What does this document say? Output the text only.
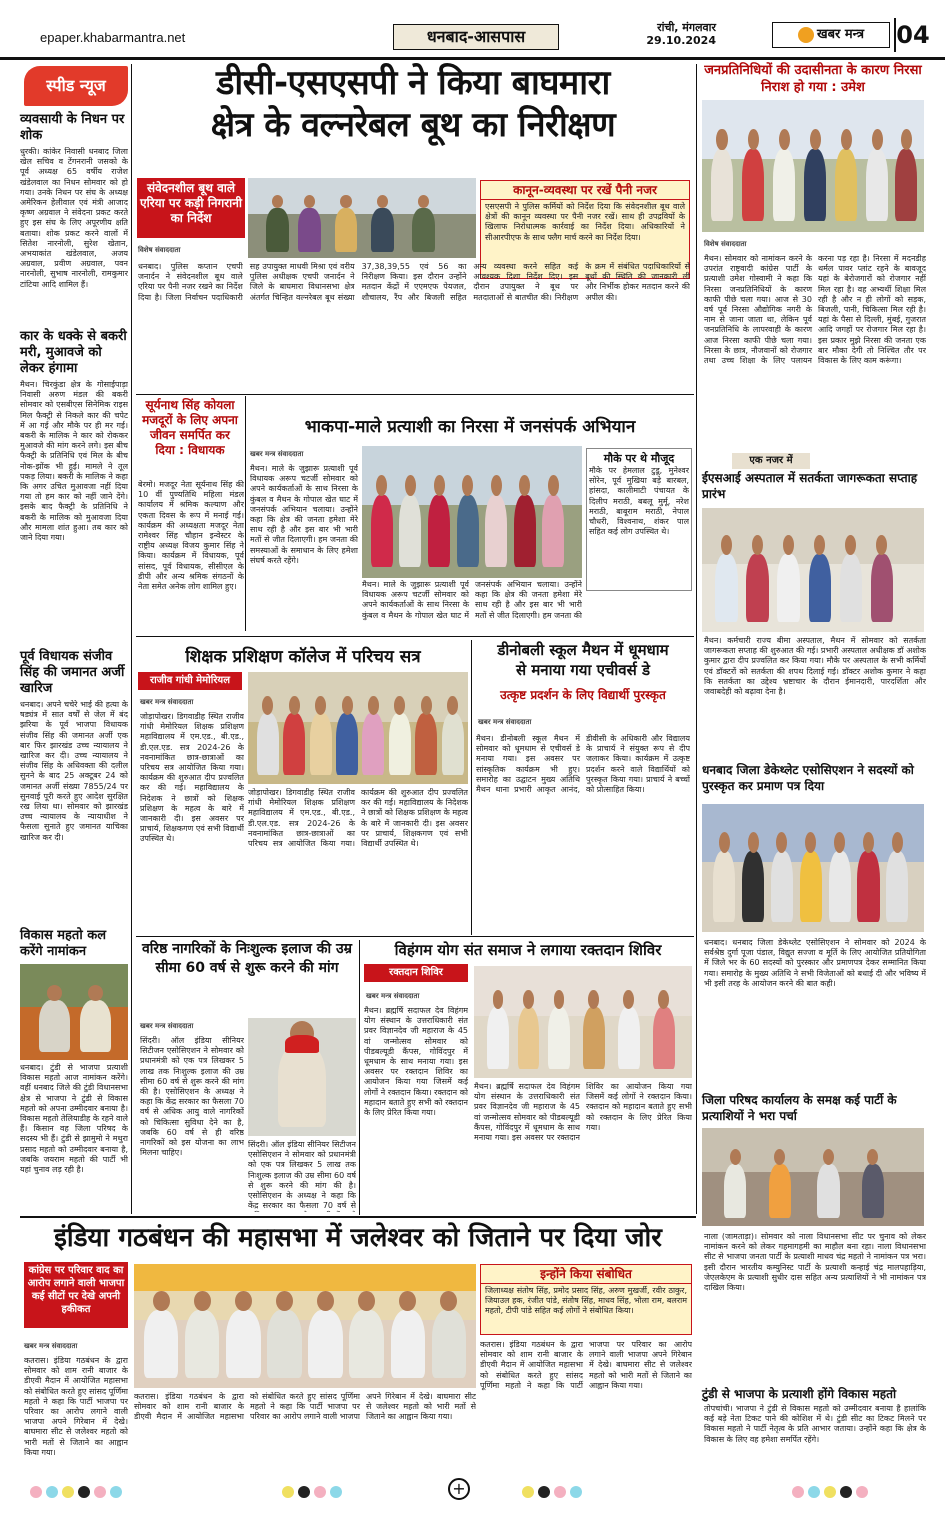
epaper.khabarmantra.net	धनबाद-आसपास	रांची, मंगलवार
29.10.2024	खबर मन्त्र	04
स्पीड न्यूज
व्यवसायी के निधन पर शोक
धुरकी। कांकेर निवासी धनबाद जिला खेल सचिव व टेंगनरानी जसको के पूर्व अध्यक्ष 65 वर्षीय राजेश खंडेलवाल का निधन सोमवार को हो गया। उनके निधन पर संघ के अध्यक्ष अमेरिकन हेलीवाल एवं मंत्री आजाद कृष्ण अग्रवाल ने संवेदना प्रकट करते हुए इस संघ के लिए अपूरणीय क्षति बताया। शोक प्रकट करने वालों में सितेश नारनोली, सुरेश खेतान, अभयाकांत खंडेलवाल, अजय अग्रवाल, प्रवीण अग्रवाल, पवन नारनोली, सुभाष नारनोली, रामकुमार टांटिया आदि शामिल हैं।
कार के धक्के से बकरी मरी, मुआवजे को लेकर हंगामा
मैथन। चिरकुंडा क्षेत्र के गोसाईपाड़ा निवासी अरुण मंडल की बकरी सोमवार को एसबीएस सिनेमिक राइस मिल फैक्ट्री से निकले कार की चपेट में आ गई और मौके पर ही मर गई। बकरी के मालिक ने कार को रोककर मुआवजे की मांग करने लगे। इस बीच फैक्ट्री के प्रतिनिधि एवं मिल के बीच नोक-झोंक भी हुई। मामले ने तूल पकड़ लिया। बकरी के मालिक ने कहा कि अगर उचित मुआवजा नहीं दिया गया तो हम कार को नहीं जाने देंगे। इसके बाद फैक्ट्री के प्रतिनिधि ने बकरी के मालिक को मुआवजा दिया और मामला शांत हुआ। तब कार को जाने दिया गया।
पूर्व विधायक संजीव सिंह की जमानत अर्जी खारिज
धनबाद। अपने चचेरे भाई की हत्या के षड्यंत्र में सात वर्षों से जेल में बंद झरिया के पूर्व भाजपा विधायक संजीव सिंह की जमानत अर्जी एक बार फिर झारखंड उच्च न्यायालय ने खारिज कर दी। उच्च न्यायालय ने संजीव सिंह के अधिवक्ता की दलील सुनने के बाद 25 अक्टूबर 24 को जमानत अर्जी संख्या 7855/24 पर सुनवाई पूरी करते हुए आदेश सुरक्षित रख लिया था। सोमवार को झारखंड उच्च न्यायालय के न्यायाधीश ने फैसला सुनाते हुए जमानत याचिका खारिज कर दी।
विकास महतो कल करेंगे नामांकन
धनबाद। टुंडी से भाजपा प्रत्याशी विकास महतो आज नामांकन करेंगे। वहीं धनबाद जिले की टुंडी विधानसभा क्षेत्र से भाजपा ने टुंडी से विकास महतो को अपना उम्मीदवार बनाया है। विकास महतो तेलियाडीह के रहने वाले हैं। किसान वह जिला परिषद के सदस्य भी हैं। टुंडी से झामुमो ने मथुरा प्रसाद महतो को उम्मीदवार बनाया है, जबकि जयराम महतो की पार्टी भी यहां चुनाव लड़ रही है।
डीसी-एसएसपी ने किया बाघमारा
क्षेत्र के वल्नरेबल बूथ का निरीक्षण
संवेदनशील बूथ वाले एरिया पर कड़ी निगरानी का निर्देश
कानून-व्यवस्था पर रखें पैनी नजर
एसएसपी ने पुलिस कर्मियों को निर्देश दिया कि संवेदनशील बूथ वाले क्षेत्रों की कानून व्यवस्था पर पैनी नजर रखें। साथ ही उपद्रवियों के खिलाफ निरोधात्मक कार्रवाई का निर्देश दिया। अधिकारियों ने सीआरपीएफ के साथ फ्लैग मार्च करने का निर्देश दिया।
विशेष संवाददाता
धनबाद। पुलिस कप्तान एचपी जनार्दन ने संवेदनशील बूथ वाले एरिया पर पैनी नजर रखने का निर्देश दिया है। जिला निर्वाचन पदाधिकारी सह उपायुक्त माधवी मिश्रा एवं वरीय पुलिस अधीक्षक एचपी जनार्दन ने जिले के बाघमारा विधानसभा क्षेत्र अंतर्गत चिन्हित वल्नरेबल बूथ संख्या 37,38,39,55 एवं 56 का निरीक्षण किया। इस दौरान उन्होंने मतदान केंद्रों में एएमएफ पेयजल, शौचालय, रैंप और बिजली सहित अन्य व्यवस्था करने सहित कई आवश्यक दिशा निर्देश दिए। इस दौरान उपायुक्त ने बूथ पर मतदाताओं से बातचीत की। निरीक्षण के क्रम में संबंधित पदाधिकारियों से बूथों की स्थिति की जानकारी ली और निर्भीक होकर मतदान करने की अपील की।
जनप्रतिनिधियों की उदासीनता के कारण निरसा निराश हो गया : उमेश
विशेष संवाददाता
मैथन। सोमवार को नामांकन करने के उपरांत राष्ट्रवादी कांग्रेस पार्टी के प्रत्याशी उमेश गोस्वामी ने कहा कि निरसा जनप्रतिनिधियों के कारण काफी पीछे चला गया। आज से 30 वर्ष पूर्व निरसा औद्योगिक नगरी के नाम से जाना जाता था, लेकिन पूर्व जनप्रतिनिधि के लापरवाही के कारण आज निरसा काफी पीछे चला गया। निरसा के छात्र, नौजवानों को रोजगार तथा उच्च शिक्षा के लिए पलायन करना पड़ रहा है। निरसा में मदनडीह थर्मल पावर प्लांट रहने के बावजूद यहां के बेरोजगारों को रोजगार नहीं मिल रहा है। वह अभ्यर्थी शिक्षा मिल रही है और न ही लोगों को सड़क, बिजली, पानी, चिकित्सा मिल रही है। यहां के पैसा से दिल्ली, मुंबई, गुजरात आदि जगहों पर रोजगार मिल रहा है। इस प्रकार मुझे निरसा की जनता एक बार मौका देगी तो निश्चित तौर पर विकास के लिए काम करूंगा।
सूर्यनाथ सिंह कोयला मजदूरों के लिए अपना जीवन समर्पित कर दिया : विधायक
बेरमो। मजदूर नेता सूर्यनाथ सिंह की 10 वीं पुण्यतिथि महिला मंडल कार्यालय में श्रमिक कल्याण और एकता दिवस के रूप में मनाई गई। कार्यक्रम की अध्यक्षता मजदूर नेता रामेश्वर सिंह चौहान इन्वेस्टर के राष्ट्रीय अध्यक्ष विजय कुमार सिंह ने किया। कार्यक्रम में विधायक, पूर्व सांसद, पूर्व विधायक, सीसीएल के डीपी और अन्य श्रमिक संगठनों के नेता समेत अनेक लोग शामिल हुए।
भाकपा-माले प्रत्याशी का निरसा में जनसंपर्क अभियान
खबर मन्त्र संवाददाता
मैथन। माले के जुझारू प्रत्याशी पूर्व विधायक अरूप चटर्जी सोमवार को अपने कार्यकर्ताओं के साथ निरसा के कुंबल व मैथन के गोपाल खेत घाट में जनसंपर्क अभियान चलाया। उन्होंने कहा कि क्षेत्र की जनता हमेशा मेरे साथ रही है और इस बार भी भारी मतों से जीत दिलाएगी। हम जनता की समस्याओं के समाधान के लिए हमेशा संघर्ष करते रहेंगे।
मौके पर थे मौजूद
मौके पर हेमलाल टुडू, मुनेश्वर सोरेन, पूर्व मुखिया बड़े बारबल, हांसदा, कालीमाटी पंचायत के दिलीप मराठी, बबलू मुर्मू, नरेश मराठी, बाबूराम मराठी, नेपाल चौधरी, विश्वनाथ, शंकर पाल सहित कई लोग उपस्थित थे।
मैथन। माले के जुझारू प्रत्याशी पूर्व विधायक अरूप चटर्जी सोमवार को अपने कार्यकर्ताओं के साथ निरसा के कुंबल व मैथन के गोपाल खेत घाट में जनसंपर्क अभियान चलाया। उन्होंने कहा कि क्षेत्र की जनता हमेशा मेरे साथ रही है और इस बार भी भारी मतों से जीत दिलाएगी। हम जनता की
एक नजर में
ईएसआई अस्पताल में सतर्कता जागरूकता सप्ताह प्रारंभ
मैथन। कर्मचारी राज्य बीमा अस्पताल, मैथन में सोमवार को सतर्कता जागरूकता सप्ताह की शुरुआत की गई। प्रभारी अस्पताल अधीक्षक डॉ अशोक कुमार द्वारा दीप प्रज्वलित कर किया गया। मौके पर अस्पताल के सभी कर्मियों एवं डॉक्टरों को सतर्कता की शपथ दिलाई गई। डॉक्टर अशोक कुमार ने कहा कि सतर्कता का उद्देश्य भ्रष्टाचार के दौरान ईमानदारी, पारदर्शिता और जवाबदेही को बढ़ावा देना है।
धनबाद जिला डेकेथ्लेट एसोसिएशन ने सदस्यों को पुरस्कृत कर प्रमाण पत्र दिया
धनबाद। धनबाद जिला डेकेथ्लेट एसोसिएशन ने सोमवार को 2024 के सर्वश्रेष्ठ दुर्गा पूजा पंडाल, विद्युत सज्जा व मूर्ति के लिए आयोजित प्रतियोगिता में जिले भर के 60 सदस्यों को पुरस्कार और प्रमाणपत्र देकर सम्मानित किया गया। समारोह के मुख्य अतिथि ने सभी विजेताओं को बधाई दी और भविष्य में भी इसी तरह के आयोजन करने की बात कही।
जिला परिषद कार्यालय के समक्ष कई पार्टी के प्रत्याशियों ने भरा पर्चा
नाला (जामताड़ा)। सोमवार को नाला विधानसभा सीट पर चुनाव को लेकर नामांकन करने को लेकर गहमागहमी का माहौल बना रहा। नाला विधानसभा सीट से भाजपा जनता पार्टी के प्रत्याशी माधव चंद्र महतो ने नामांकन पत्र भरा। इसी दौरान भारतीय कम्युनिस्ट पार्टी के प्रत्याशी कन्हाई चंद्र मालपहाड़िया, जेएलकेएम के प्रत्याशी सुधीर दास सहित अन्य प्रत्याशियों ने भी नामांकन पत्र दाखिल किया।
शिक्षक प्रशिक्षण कॉलेज में परिचय सत्र
राजीव गांधी मेमोरियल
खबर मन्त्र संवाददाता
जोड़ापोखर। डिगवाडीह स्थित राजीव गांधी मेमोरियल शिक्षक प्रशिक्षण महाविद्यालय में एम.एड., बी.एड., डी.एल.एड. सत्र 2024-26 के नवनामांकित छात्र-छात्राओं का परिचय सत्र आयोजित किया गया। कार्यक्रम की शुरुआत दीप प्रज्वलित कर की गई। महाविद्यालय के निदेशक ने छात्रों को शिक्षक प्रशिक्षण के महत्व के बारे में जानकारी दी। इस अवसर पर प्राचार्य, शिक्षकगण एवं सभी विद्यार्थी उपस्थित थे।
जोड़ापोखर। डिगवाडीह स्थित राजीव गांधी मेमोरियल शिक्षक प्रशिक्षण महाविद्यालय में एम.एड., बी.एड., डी.एल.एड. सत्र 2024-26 के नवनामांकित छात्र-छात्राओं का परिचय सत्र आयोजित किया गया। कार्यक्रम की शुरुआत दीप प्रज्वलित कर की गई। महाविद्यालय के निदेशक ने छात्रों को शिक्षक प्रशिक्षण के महत्व के बारे में जानकारी दी। इस अवसर पर प्राचार्य, शिक्षकगण एवं सभी विद्यार्थी उपस्थित थे।
डीनोबली स्कूल मैथन में धूमधाम
से मनाया गया एचीवर्स डे
उत्कृष्ट प्रदर्शन के लिए विद्यार्थी पुरस्कृत
खबर मन्त्र संवाददाता
मैथन। डीनोबली स्कूल मैथन में सोमवार को धूमधाम से एचीवर्स डे मनाया गया। इस अवसर पर सांस्कृतिक कार्यक्रम भी हुए। समारोह का उद्घाटन मुख्य अतिथि मैथन थाना प्रभारी आकृत आनंद, डीवीसी के अधिकारी और विद्यालय के प्राचार्य ने संयुक्त रूप से दीप जलाकर किया। कार्यक्रम में उत्कृष्ट प्रदर्शन करने वाले विद्यार्थियों को पुरस्कृत किया गया। प्राचार्य ने बच्चों को प्रोत्साहित किया।
वरिष्ठ नागरिकों के निःशुल्क इलाज की उम्र सीमा 60 वर्ष से शुरू करने की मांग
खबर मन्त्र संवाददाता
सिंदरी। ऑल इंडिया सीनियर सिटीजन एसोसिएशन ने सोमवार को प्रधानमंत्री को एक पत्र लिखकर 5 लाख तक निःशुल्क इलाज की उम्र सीमा 60 वर्ष से शुरू करने की मांग की है। एसोसिएशन के अध्यक्ष ने कहा कि केंद्र सरकार का फैसला 70 वर्ष से अधिक आयु वाले नागरिकों को चिकित्सा सुविधा देने का है, जबकि 60 वर्ष से ही वरिष्ठ नागरिकों को इस योजना का लाभ मिलना चाहिए।
सिंदरी। ऑल इंडिया सीनियर सिटीजन एसोसिएशन ने सोमवार को प्रधानमंत्री को एक पत्र लिखकर 5 लाख तक निःशुल्क इलाज की उम्र सीमा 60 वर्ष से शुरू करने की मांग की है। एसोसिएशन के अध्यक्ष ने कहा कि केंद्र सरकार का फैसला 70 वर्ष से
विहंगम योग संत समाज ने लगाया रक्तदान शिविर
रक्तदान शिविर
खबर मन्त्र संवाददाता
मैथन। ब्रह्मर्षि सदाफल देव विहंगम योग संस्थान के उत्तराधिकारी संत प्रवर विज्ञानदेव जी महाराज के 45 वां जन्मोत्सव सोमवार को पीडबल्यूडी कैंपस, गोविंदपुर में धूमधाम के साथ मनाया गया। इस अवसर पर रक्तदान शिविर का आयोजन किया गया जिसमें कई लोगों ने रक्तदान किया। रक्तदान को महादान बताते हुए सभी को रक्तदान के लिए प्रेरित किया गया।
मैथन। ब्रह्मर्षि सदाफल देव विहंगम योग संस्थान के उत्तराधिकारी संत प्रवर विज्ञानदेव जी महाराज के 45 वां जन्मोत्सव सोमवार को पीडबल्यूडी कैंपस, गोविंदपुर में धूमधाम के साथ मनाया गया। इस अवसर पर रक्तदान शिविर का आयोजन किया गया जिसमें कई लोगों ने रक्तदान किया। रक्तदान को महादान बताते हुए सभी को रक्तदान के लिए प्रेरित किया गया।
इंडिया गठबंधन की महासभा में जलेश्वर को जिताने पर दिया जोर
कांग्रेस पर परिवार वाद का आरोप लगाने वाली भाजपा कई सीटों पर देखे अपनी हकीकत
खबर मन्त्र संवाददाता
इन्होंने किया संबोधित
जिलाध्यक्ष संतोष सिंह, प्रमोद प्रसाद सिंह, अरुण मुखर्जी, रवीर ठाकुर, जियाउल हक, रंजीत पांडे, संतोष सिंह, माधव सिंह, भोला राम, बलराम महतो, टीपी पांडे सहित कई लोगों ने संबोधित किया।
कतरास। इंडिया गठबंधन के द्वारा सोमवार को शाम रानी बाजार के डीएवी मैदान में आयोजित महासभा को संबोधित करते हुए सांसद पूर्णिमा महतो ने कहा कि पार्टी भाजपा पर परिवार का आरोप लगाने वाली भाजपा अपने गिरेबान में देखे। बाघमारा सीट से जलेश्वर महतो को भारी मतों से जिताने का आह्वान किया गया।
कतरास। इंडिया गठबंधन के द्वारा सोमवार को शाम रानी बाजार के डीएवी मैदान में आयोजित महासभा को संबोधित करते हुए सांसद पूर्णिमा महतो ने कहा कि पार्टी भाजपा पर परिवार का आरोप लगाने वाली भाजपा अपने गिरेबान में देखे। बाघमारा सीट से जलेश्वर महतो को भारी मतों से जिताने का आह्वान किया गया।
कतरास। इंडिया गठबंधन के द्वारा सोमवार को शाम रानी बाजार के डीएवी मैदान में आयोजित महासभा को संबोधित करते हुए सांसद पूर्णिमा महतो ने कहा कि पार्टी भाजपा पर परिवार का आरोप लगाने वाली भाजपा अपने गिरेबान में देखे। बाघमारा सीट से जलेश्वर महतो को भारी मतों से जिताने का आह्वान किया गया।
टुंडी से भाजपा के प्रत्याशी होंगे विकास महतो
तोपचांची। भाजपा ने टुंडी से विकास महतो को उम्मीदवार बनाया है हालांकि कई बड़े नेता टिकट पाने की कोशिश में थे। टुंडी सीट का टिकट मिलने पर विकास महतो ने पार्टी नेतृत्व के प्रति आभार जताया। उन्होंने कहा कि क्षेत्र के विकास के लिए वह हमेशा समर्पित रहेंगे।
+
